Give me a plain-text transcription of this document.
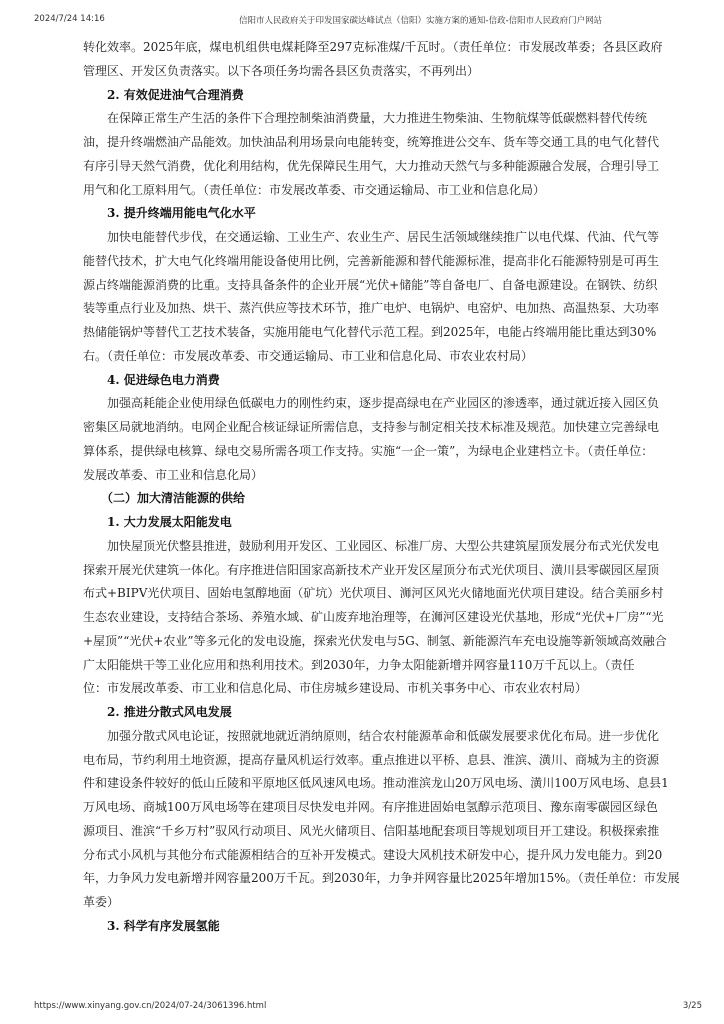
2024/7/24 14:16	信阳市人民政府关于印发国家碳达峰试点（信阳）实施方案的通知-信政-信阳市人民政府门户网站
转化效率。2025年底，煤电机组供电煤耗降至297克标准煤/千瓦时。（责任单位：市发展改革委；各县区政府
管理区、开发区负责落实。以下各项任务均需各县区负责落实，不再列出）
2. 有效促进油气合理消费
在保障正常生产生活的条件下合理控制柴油消费量，大力推进生物柴油、生物航煤等低碳燃料替代传统
油，提升终端燃油产品能效。加快油品利用场景向电能转变，统筹推进公交车、货车等交通工具的电气化替代
有序引导天然气消费，优化利用结构，优先保障民生用气，大力推动天然气与多种能源融合发展，合理引导工
用气和化工原料用气。（责任单位：市发展改革委、市交通运输局、市工业和信息化局）
3. 提升终端用能电气化水平
加快电能替代步伐，在交通运输、工业生产、农业生产、居民生活领域继续推广以电代煤、代油、代气等
能替代技术，扩大电气化终端用能设备使用比例，完善新能源和替代能源标准，提高非化石能源特别是可再生
源占终端能源消费的比重。支持具备条件的企业开展“光伏+储能”等自备电厂、自备电源建设。在钢铁、纺织
装等重点行业及加热、烘干、蒸汽供应等技术环节，推广电炉、电锅炉、电窑炉、电加热、高温热泵、大功率
热储能锅炉等替代工艺技术装备，实施用能电气化替代示范工程。到2025年，电能占终端用能比重达到30%
右。（责任单位：市发展改革委、市交通运输局、市工业和信息化局、市农业农村局）
4. 促进绿色电力消费
加强高耗能企业使用绿色低碳电力的刚性约束，逐步提高绿电在产业园区的渗透率，通过就近接入园区负
密集区局就地消纳。电网企业配合核证绿证所需信息，支持参与制定相关技术标准及规范。加快建立完善绿电
算体系，提供绿电核算、绿电交易所需各项工作支持。实施“一企一策”，为绿电企业建档立卡。（责任单位：
发展改革委、市工业和信息化局）
（二）加大清洁能源的供给
1. 大力发展太阳能发电
加快屋顶光伏整县推进，鼓励利用开发区、工业园区、标准厂房、大型公共建筑屋顶发展分布式光伏发电
探索开展光伏建筑一体化。有序推进信阳国家高新技术产业开发区屋顶分布式光伏项目、潢川县零碳园区屋顶
布式+BIPV光伏项目、固始电氢醇地面（矿坑）光伏项目、浉河区风光火储地面光伏项目建设。结合美丽乡村
生态农业建设，支持结合茶场、养殖水域、矿山废弃地治理等，在浉河区建设光伏基地，形成“光伏+厂房”“光
+屋顶”“光伏+农业”等多元化的发电设施，探索光伏发电与5G、制氢、新能源汽车充电设施等新领域高效融合
广太阳能烘干等工业化应用和热利用技术。到2030年，力争太阳能新增并网容量110万千瓦以上。（责任
位：市发展改革委、市工业和信息化局、市住房城乡建设局、市机关事务中心、市农业农村局）
2. 推进分散式风电发展
加强分散式风电论证，按照就地就近消纳原则，结合农村能源革命和低碳发展要求优化布局。进一步优化
电布局，节约利用土地资源，提高存量风机运行效率。重点推进以平桥、息县、淮滨、潢川、商城为主的资源
件和建设条件较好的低山丘陵和平原地区低风速风电场。推动淮滨龙山20万风电场、潢川100万风电场、息县1
万风电场、商城100万风电场等在建项目尽快发电并网。有序推进固始电氢醇示范项目、豫东南零碳园区绿色
源项目、淮滨“千乡万村”驭风行动项目、风光火储项目、信阳基地配套项目等规划项目开工建设。积极探索推
分布式小风机与其他分布式能源相结合的互补开发模式。建设大风机技术研发中心，提升风力发电能力。到20
年，力争风力发电新增并网容量200万千瓦。到2030年，力争并网容量比2025年增加15%。（责任单位：市发展
革委）
3. 科学有序发展氢能
https://www.xinyang.gov.cn/2024/07-24/3061396.html	3/25
